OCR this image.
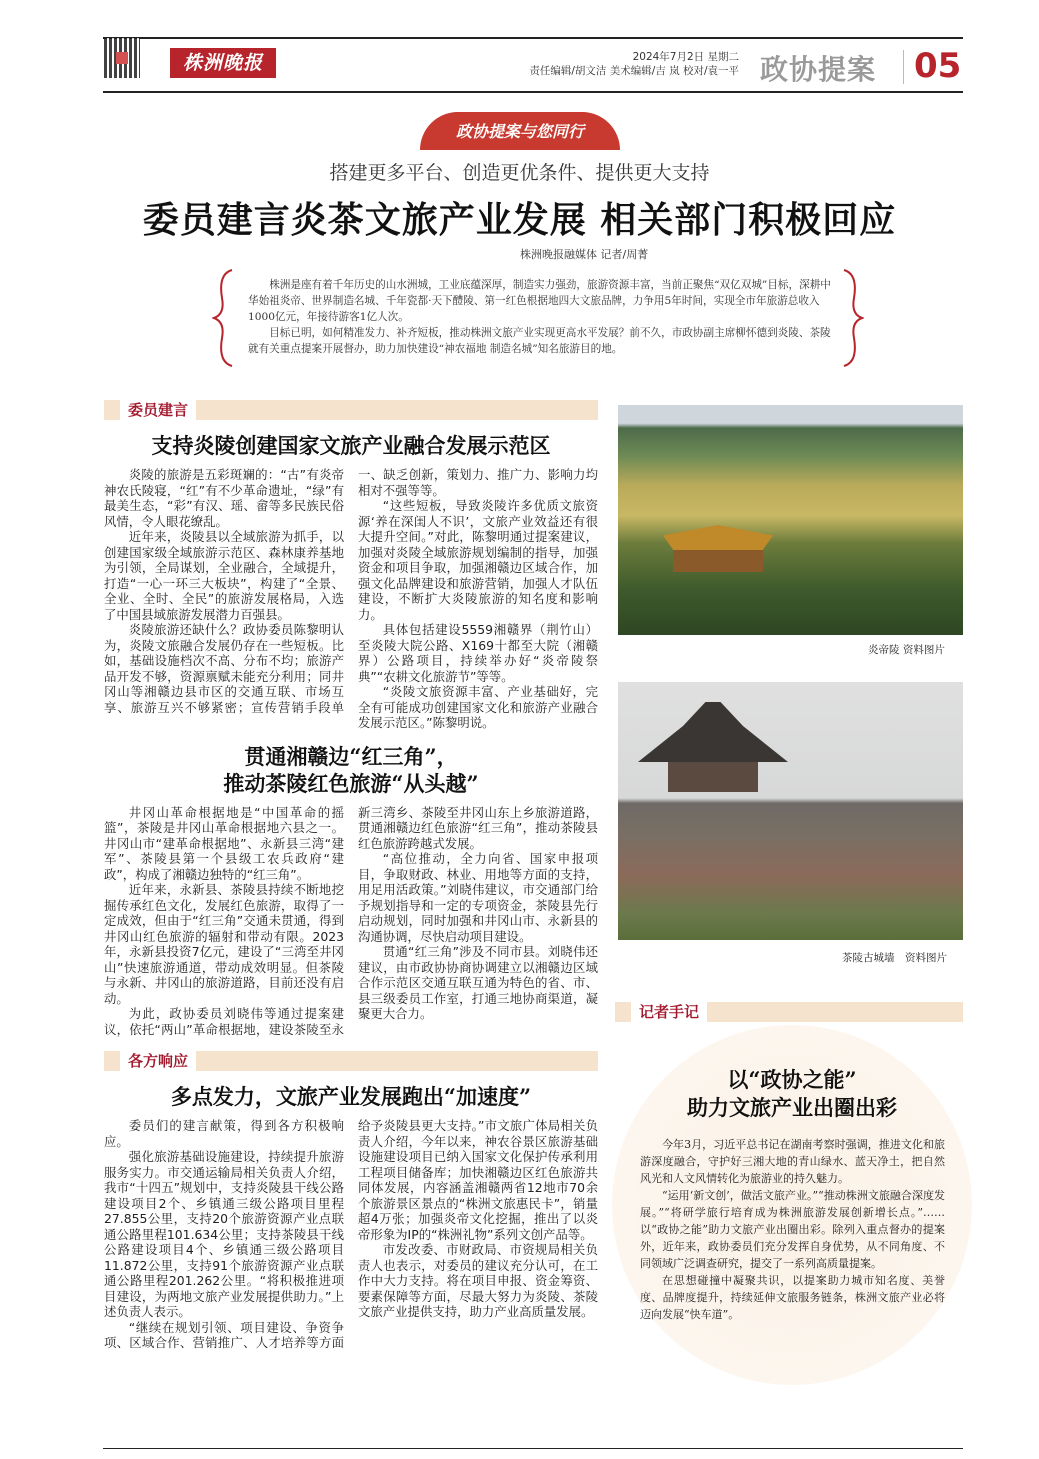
株洲晚报	2024年7月2日 星期二
责任编辑/胡文洁 美术编辑/吉 岚 校对/袁一平 政协提案 05
政协提案与您同行
搭建更多平台、创造更优条件、提供更大支持
委员建言炎茶文旅产业发展 相关部门积极回应
株洲晚报融媒体 记者/周菁

株洲是座有着千年历史的山水洲城，工业底蕴深厚，制造实力强劲，旅游资源丰富，当前正聚焦“双亿双城”目标，深耕中华始祖炎帝、世界制造名城、千年瓷都·天下醴陵、第一红色根据地四大文旅品牌，力争用5年时间，实现全市年旅游总收入1000亿元，年接待游客1亿人次。

目标已明，如何精准发力、补齐短板，推动株洲文旅产业实现更高水平发展？前不久，市政协副主席柳怀德到炎陵、茶陵就有关重点提案开展督办，助力加快建设“神农福地 制造名城”知名旅游目的地。

委员建言
支持炎陵创建国家文旅产业融合发展示范区

炎陵的旅游是五彩斑斓的：“古”有炎帝神农氏陵寝，“红”有不少革命遗址，“绿”有最美生态，“彩”有汉、瑶、畲等多民族民俗风情，令人眼花缭乱。

近年来，炎陵县以全域旅游为抓手，以创建国家级全域旅游示范区、森林康养基地为引领，全局谋划，全业融合，全域提升，打造“一心一环三大板块”，构建了“全景、全业、全时、全民”的旅游发展格局，入选了中国县域旅游发展潜力百强县。

炎陵旅游还缺什么？政协委员陈黎明认为，炎陵文旅融合发展仍存在一些短板。比如，基础设施档次不高、分布不均；旅游产品开发不够，资源禀赋未能充分利用；同井冈山等湘赣边县市区的交通互联、市场互享、旅游互兴不够紧密；宣传营销手段单一、缺乏创新，策划力、推广力、影响力均相对不强等等。

“这些短板，导致炎陵许多优质文旅资源‘养在深闺人不识’，文旅产业效益还有很大提升空间。”对此，陈黎明通过提案建议，加强对炎陵全域旅游规划编制的指导，加强资金和项目争取，加强湘赣边区域合作，加强文化品牌建设和旅游营销，加强人才队伍建设，不断扩大炎陵旅游的知名度和影响力。

具体包括建设5559湘赣界（荆竹山）至炎陵大院公路、X169十都至大院（湘赣界）公路项目，持续举办好“炎帝陵祭典”“农耕文化旅游节”等等。

“炎陵文旅资源丰富、产业基础好，完全有可能成功创建国家文化和旅游产业融合发展示范区。”陈黎明说。

贯通湘赣边“红三角”，
推动茶陵红色旅游“从头越”

井冈山革命根据地是“中国革命的摇篮”，茶陵是井冈山革命根据地六县之一。井冈山市“建革命根据地”、永新县三湾“建军”、茶陵县第一个县级工农兵政府“建政”，构成了湘赣边独特的“红三角”。

近年来，永新县、茶陵县持续不断地挖掘传承红色文化，发展红色旅游，取得了一定成效，但由于“红三角”交通未贯通，得到井冈山红色旅游的辐射和带动有限。2023年，永新县投资7亿元，建设了“三湾至井冈山”快速旅游通道，带动成效明显。但茶陵与永新、井冈山的旅游道路，目前还没有启动。

为此，政协委员刘晓伟等通过提案建议，依托“两山”革命根据地，建设茶陵至永新三湾乡、茶陵至井冈山东上乡旅游道路，贯通湘赣边红色旅游“红三角”，推动茶陵县红色旅游跨越式发展。

“高位推动，全力向省、国家申报项目，争取财政、林业、用地等方面的支持，用足用活政策。”刘晓伟建议，市交通部门给予规划指导和一定的专项资金，茶陵县先行启动规划，同时加强和井冈山市、永新县的沟通协调，尽快启动项目建设。

贯通“红三角”涉及不同市县。刘晓伟还建议，由市政协协商协调建立以湘赣边区域合作示范区交通互联互通为特色的省、市、县三级委员工作室，打通三地协商渠道，凝聚更大合力。

各方响应
多点发力，文旅产业发展跑出“加速度”

委员们的建言献策，得到各方积极响应。

强化旅游基础设施建设，持续提升旅游服务实力。市交通运输局相关负责人介绍，我市“十四五”规划中，支持炎陵县干线公路建设项目2个、乡镇通三级公路项目里程27.855公里，支持20个旅游资源产业点联通公路里程101.634公里；支持茶陵县干线公路建设项目4个、乡镇通三级公路项目11.872公里，支持91个旅游资源产业点联通公路里程201.262公里。“将积极推进项目建设，为两地文旅产业发展提供助力。”上述负责人表示。

“继续在规划引领、项目建设、争资争项、区域合作、营销推广、人才培养等方面给予炎陵县更大支持。”市文旅广体局相关负责人介绍，今年以来，神农谷景区旅游基础设施建设项目已纳入国家文化保护传承利用工程项目储备库；加快湘赣边区红色旅游共同体发展，内容涵盖湘赣两省12地市70余个旅游景区景点的“株洲文旅惠民卡”，销量超4万张；加强炎帝文化挖掘，推出了以炎帝形象为IP的“株洲礼物”系列文创产品等。

市发改委、市财政局、市资规局相关负责人也表示，对委员的建议充分认可，在工作中大力支持。将在项目申报、资金筹资、要素保障等方面，尽最大努力为炎陵、茶陵文旅产业提供支持，助力产业高质量发展。

炎帝陵 资料图片
茶陵古城墙　资料图片
记者手记
以“政协之能”
助力文旅产业出圈出彩

今年3月，习近平总书记在湖南考察时强调，推进文化和旅游深度融合，守护好三湘大地的青山绿水、蓝天净土，把自然风光和人文风情转化为旅游业的持久魅力。

“运用‘新文创’，做活文旅产业。”“推动株洲文旅融合深度发展。”“将研学旅行培育成为株洲旅游发展创新增长点。”……以“政协之能”助力文旅产业出圈出彩。除列入重点督办的提案外，近年来，政协委员们充分发挥自身优势，从不同角度、不同领域广泛调查研究，提交了一系列高质量提案。

在思想碰撞中凝聚共识，以提案助力城市知名度、美誉度、品牌度提升，持续延伸文旅服务链条，株洲文旅产业必将迈向发展“快车道”。
